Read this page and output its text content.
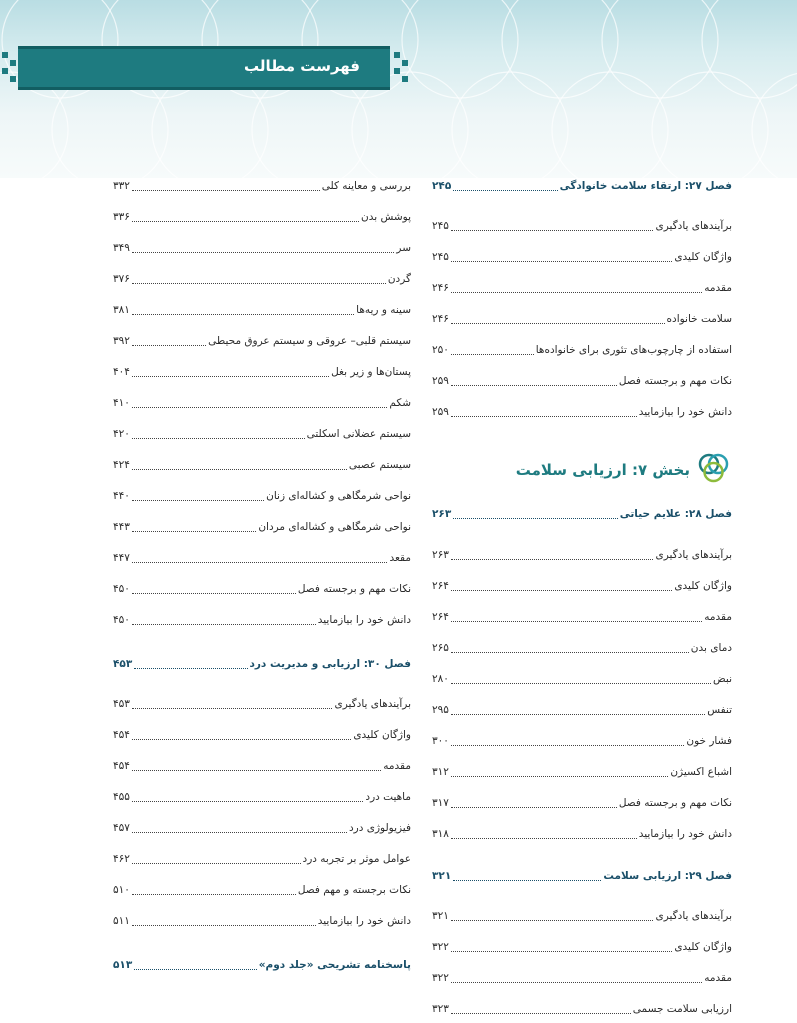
فهرست مطالب
فصل ۲۷: ارتقاء سلامت خانوادگی
۲۴۵
برآیندهای یادگیری
۲۴۵
واژگان کلیدی
۲۴۵
مقدمه
۲۴۶
سلامت خانواده
۲۴۶
استفاده از چارچوب‌های تئوری برای خانواده‌ها
۲۵۰
نکات مهم و برجسته فصل
۲۵۹
دانش خود را بیازمایید
۲۵۹
بخش ۷: ارزیابی سلامت
فصل ۲۸: علایم حیاتی
۲۶۳
برآیندهای یادگیری
۲۶۳
واژگان کلیدی
۲۶۴
مقدمه
۲۶۴
دمای بدن
۲۶۵
نبض
۲۸۰
تنفس
۲۹۵
فشار خون
۳۰۰
اشباع اکسیژن
۳۱۲
نکات مهم و برجسته فصل
۳۱۷
دانش خود را بیازمایید
۳۱۸
فصل ۲۹: ارزیابی سلامت
۳۲۱
برآیندهای یادگیری
۳۲۱
واژگان کلیدی
۳۲۲
مقدمه
۳۲۲
ارزیابی سلامت جسمی
۳۲۳
بررسی و معاینه کلی
۳۳۲
پوشش بدن
۳۳۶
سر
۳۴۹
گردن
۳۷۶
سینه و ریه‌ها
۳۸۱
سیستم قلبی– عروقی و سیستم عروق محیطی
۳۹۲
پستان‌ها و زیر بغل
۴۰۴
شکم
۴۱۰
سیستم عضلانی اسکلتی
۴۲۰
سیستم عصبی
۴۲۴
نواحی شرمگاهی و کشاله‌ای زنان
۴۴۰
نواحی شرمگاهی و کشاله‌ای مردان
۴۴۳
مقعد
۴۴۷
نکات مهم و برجسته فصل
۴۵۰
دانش خود را بیازمایید
۴۵۰
فصل ۳۰: ارزیابی و مدیریت درد
۴۵۳
برآیندهای یادگیری
۴۵۳
واژگان کلیدی
۴۵۴
مقدمه
۴۵۴
ماهیت درد
۴۵۵
فیزیولوژی درد
۴۵۷
عوامل موثر بر تجربه درد
۴۶۲
نکات برجسته و مهم فصل
۵۱۰
دانش خود را بیازمایید
۵۱۱
پاسخنامه تشریحی «جلد دوم»
۵۱۳
